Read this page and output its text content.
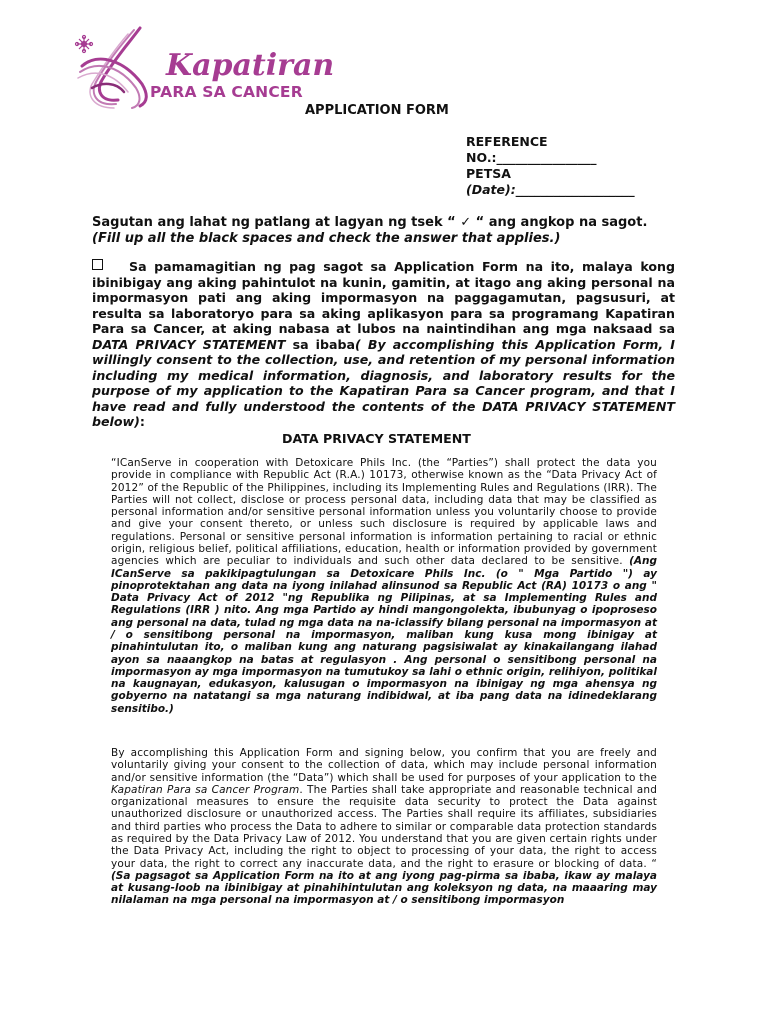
Kapatiran
PARA SA CANCER
APPLICATION FORM
REFERENCE
NO.:________________
PETSA
(Date):___________________
Sagutan ang lahat ng patlang at lagyan ng tsek “ ✓ “ ang angkop na sagot.
(Fill up all the black spaces and check the answer that applies.)
Sa pamamagitian ng pag sagot sa Application Form na ito, malaya kong ibinibigay ang aking pahintulot na kunin, gamitin, at itago ang aking personal na impormasyon pati ang aking impormasyon na paggagamutan, pagsusuri, at resulta sa laboratoryo para sa aking aplikasyon para sa programang Kapatiran Para sa Cancer, at aking nabasa at lubos na naintindihan ang mga naksaad sa DATA PRIVACY STATEMENT sa ibaba( By accomplishing this Application Form, I willingly consent to the collection, use, and retention of my personal information including my medical information, diagnosis, and laboratory results for the purpose of my application to the Kapatiran Para sa Cancer program, and that I have read and fully understood the contents of the DATA PRIVACY STATEMENT below):
DATA PRIVACY STATEMENT
“ICanServe in cooperation with Detoxicare Phils Inc. (the “Parties”) shall protect the data you provide in compliance with Republic Act (R.A.) 10173, otherwise known as the “Data Privacy Act of 2012” of the Republic of the Philippines, including its Implementing Rules and Regulations (IRR). The Parties will not collect, disclose or process personal data, including data that may be classified as personal information and/or sensitive personal information unless you voluntarily choose to provide and give your consent thereto, or unless such disclosure is required by applicable laws and regulations. Personal or sensitive personal information is information pertaining to racial or ethnic origin, religious belief, political affiliations, education, health or information provided by government agencies which are peculiar to individuals and such other data declared to be sensitive. (Ang ICanServe sa pakikipagtulungan sa Detoxicare Phils Inc. (o " Mga Partido ") ay pinoprotektahan ang data na iyong inilahad alinsunod sa Republic Act (RA) 10173 o ang " Data Privacy Act of 2012 "ng Republika ng Pilipinas, at sa Implementing Rules and Regulations (IRR ) nito. Ang mga Partido ay hindi mangongolekta, ibubunyag o ipoproseso ang personal na data, tulad ng mga data na na-iclassify bilang personal na impormasyon at / o sensitibong personal na impormasyon, maliban kung kusa mong ibinigay at pinahintulutan ito, o maliban kung ang naturang pagsisiwalat ay kinakailangang ilahad ayon sa naaangkop na batas at regulasyon . Ang personal o sensitibong personal na impormasyon ay mga impormasyon na tumutukoy sa lahi o ethnic origin, relihiyon, politikal na kaugnayan, edukasyon, kalusugan o impormasyon na ibinigay ng mga ahensya ng gobyerno na natatangi sa mga naturang indibidwal, at iba pang data na idinedeklarang sensitibo.)
By accomplishing this Application Form and signing below, you confirm that you are freely and voluntarily giving your consent to the collection of data, which may include personal information and/or sensitive information (the “Data”) which shall be used for purposes of your application to the Kapatiran Para sa Cancer Program. The Parties shall take appropriate and reasonable technical and organizational measures to ensure the requisite data security to protect the Data against unauthorized disclosure or unauthorized access. The Parties shall require its affiliates, subsidiaries and third parties who process the Data to adhere to similar or comparable data protection standards as required by the Data Privacy Law of 2012. You understand that you are given certain rights under the Data Privacy Act, including the right to object to processing of your data, the right to access your data, the right to correct any inaccurate data, and the right to erasure or blocking of data. “ (Sa pagsagot sa Application Form na ito at ang iyong pag-pirma sa ibaba, ikaw ay malaya at kusang-loob na ibinibigay at pinahihintulutan ang koleksyon ng data, na maaaring may nilalaman na mga personal na impormasyon at / o sensitibong impormasyon
